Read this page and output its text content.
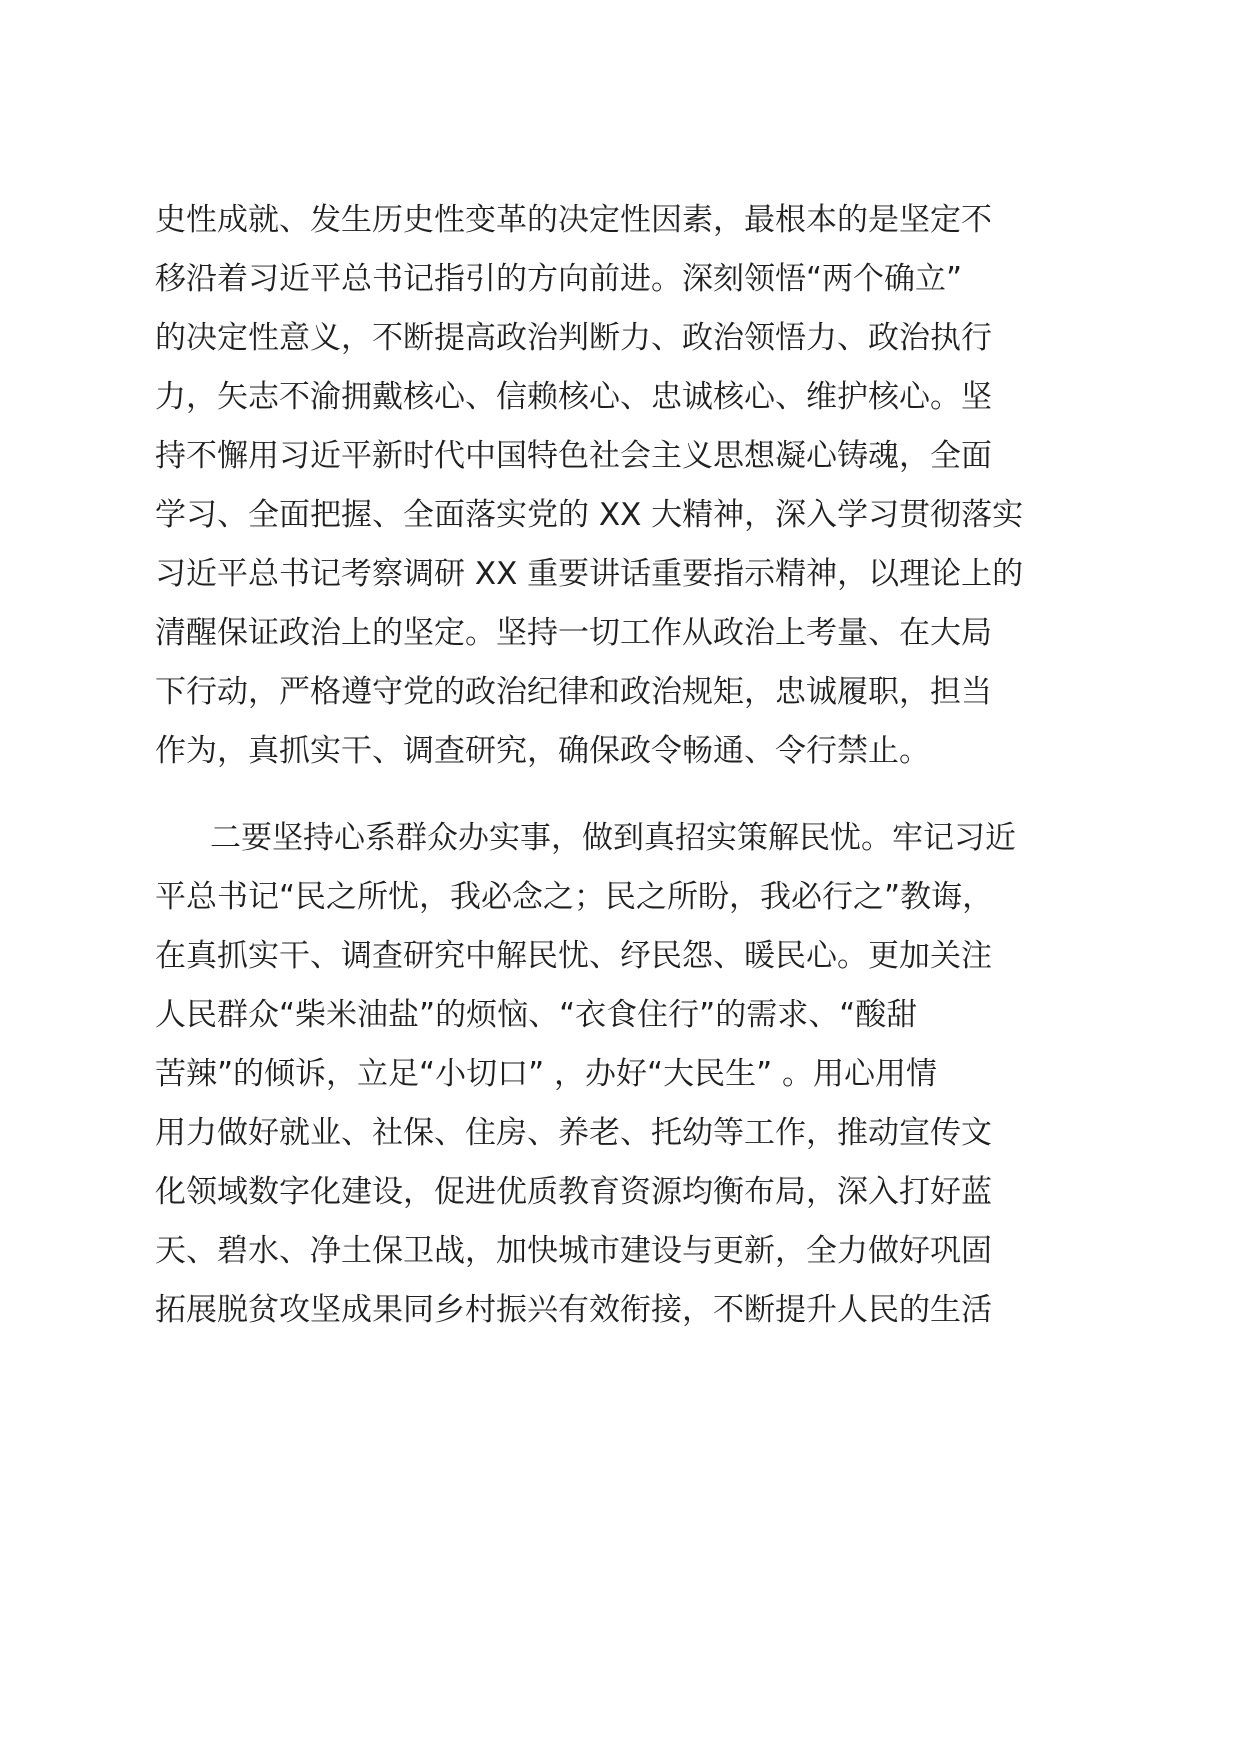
史性成就、发生历史性变革的决定性因素，最根本的是坚定不
移沿着习近平总书记指引的方向前进。深刻领悟“两个确立”
的决定性意义，不断提高政治判断力、政治领悟力、政治执行
力，矢志不渝拥戴核心、信赖核心、忠诚核心、维护核心。坚
持不懈用习近平新时代中国特色社会主义思想凝心铸魂，全面
学习、全面把握、全面落实党的 XX 大精神，深入学习贯彻落实
习近平总书记考察调研 XX 重要讲话重要指示精神，以理论上的
清醒保证政治上的坚定。坚持一切工作从政治上考量、在大局
下行动，严格遵守党的政治纪律和政治规矩，忠诚履职，担当
作为，真抓实干、调查研究，确保政令畅通、令行禁止。
二要坚持心系群众办实事，做到真招实策解民忧。牢记习近
平总书记“民之所忧，我必念之；民之所盼，我必行之”教诲，
在真抓实干、调查研究中解民忧、纾民怨、暖民心。更加关注
人民群众“柴米油盐”的烦恼、“衣食住行”的需求、“酸甜
苦辣”的倾诉，立足“小切口” ，办好“大民生” 。用心用情
用力做好就业、社保、住房、养老、托幼等工作，推动宣传文
化领域数字化建设，促进优质教育资源均衡布局，深入打好蓝
天、碧水、净土保卫战，加快城市建设与更新，全力做好巩固
拓展脱贫攻坚成果同乡村振兴有效衔接，不断提升人民的生活
